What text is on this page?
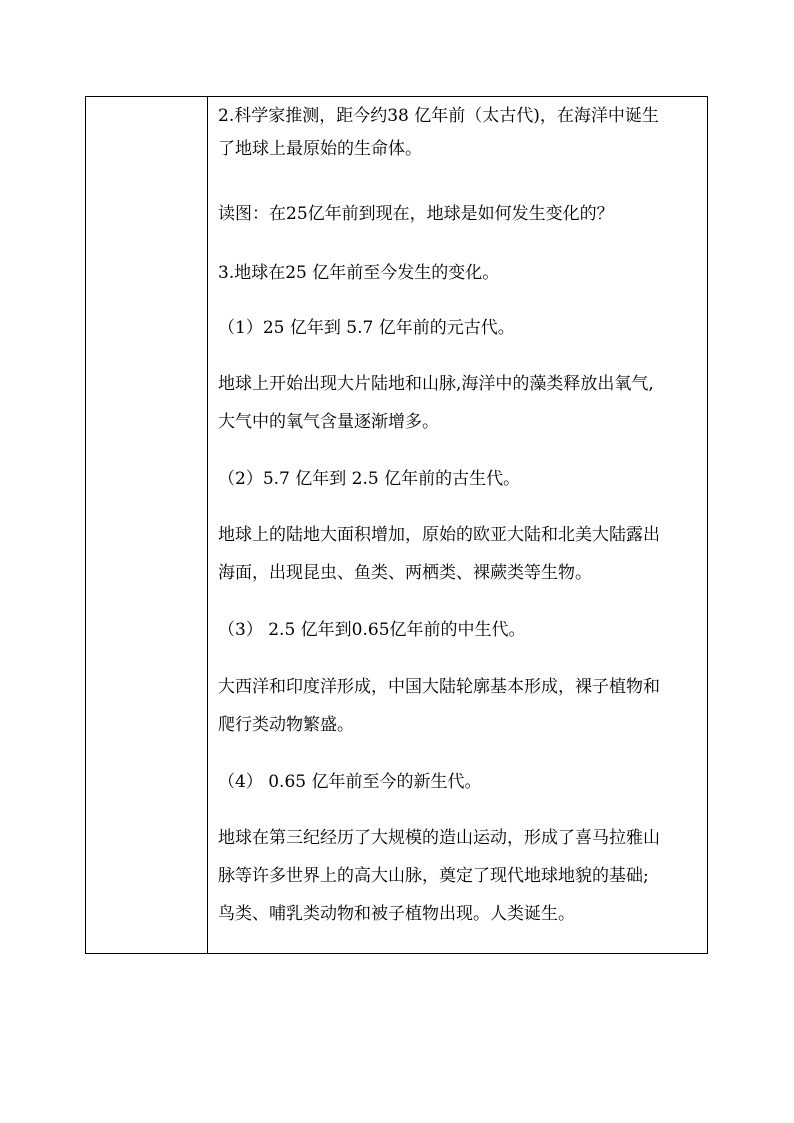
2.科学家推测，距今约38 亿年前（太古代)，在海洋中诞生

了地球上最原始的生命体。

读图：在25亿年前到现在，地球是如何发生变化的？

3.地球在25 亿年前至今发生的变化。

（1）25 亿年到 5.7 亿年前的元古代。

地球上开始出现大片陆地和山脉,海洋中的藻类释放出氧气,

大气中的氧气含量逐渐增多。

（2）5.7 亿年到 2.5 亿年前的古生代。

地球上的陆地大面积增加，原始的欧亚大陆和北美大陆露出

海面，出现昆虫、鱼类、两栖类、裸蕨类等生物。

（3） 2.5 亿年到0.65亿年前的中生代。

大西洋和印度洋形成，中国大陆轮廓基本形成，裸子植物和

爬行类动物繁盛。

（4） 0.65 亿年前至今的新生代。

地球在第三纪经历了大规模的造山运动，形成了喜马拉雅山

脉等许多世界上的高大山脉，奠定了现代地球地貌的基础;

鸟类、哺乳类动物和被子植物出现。人类诞生。
